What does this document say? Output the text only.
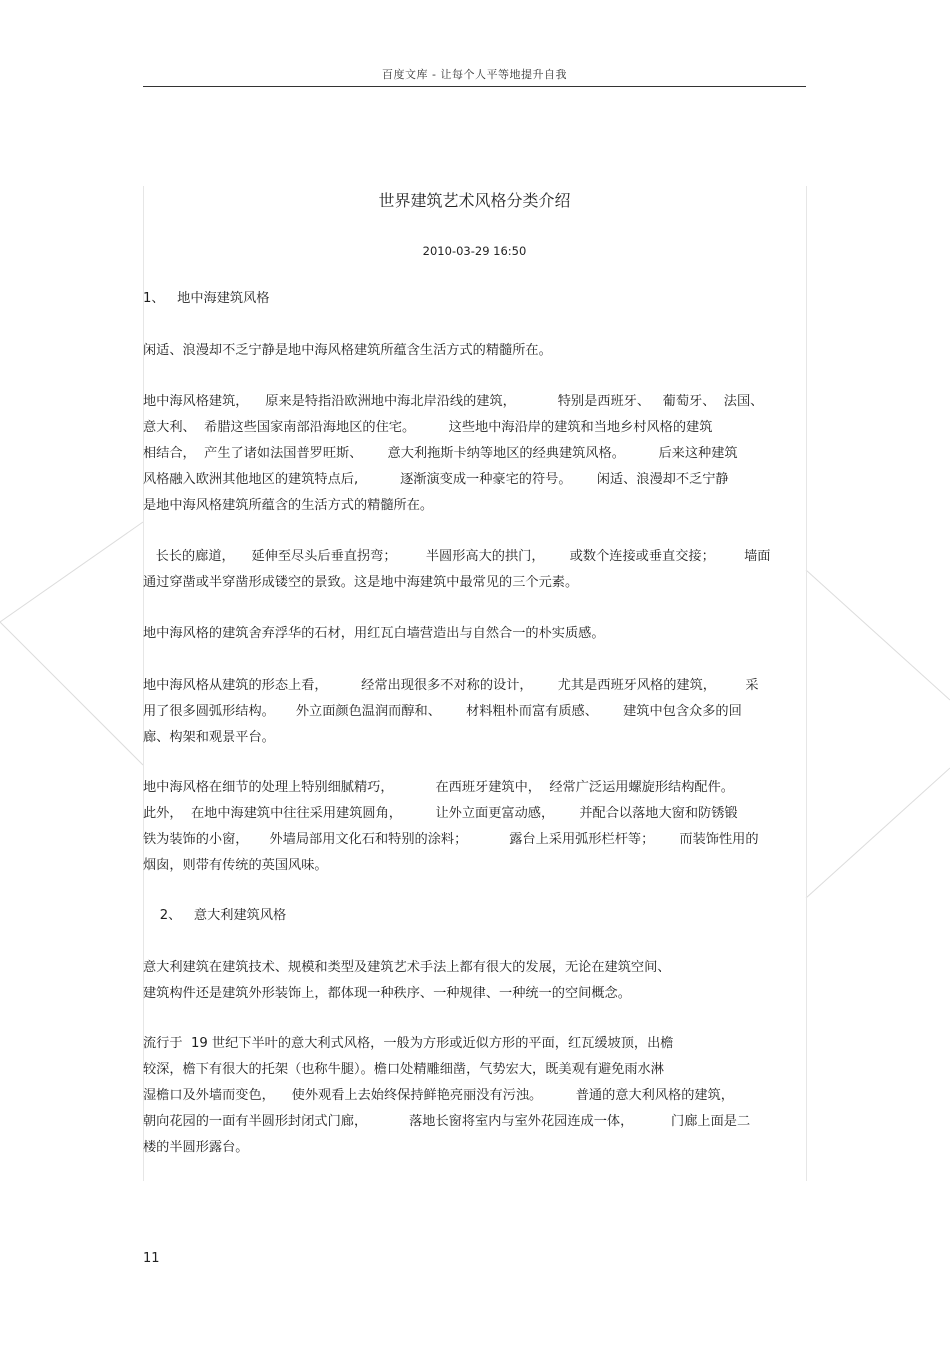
百度文库 - 让每个人平等地提升自我
世界建筑艺术风格分类介绍
2010-03-29 16:50
1、   地中海建筑风格
闲适、浪漫却不乏宁静是地中海风格建筑所蕴含生活方式的精髓所在。
地中海风格建筑，    原来是特指沿欧洲地中海北岸沿线的建筑，          特别是西班牙、   葡萄牙、  法国、
意大利、  希腊这些国家南部沿海地区的住宅。        这些地中海沿岸的建筑和当地乡村风格的建筑
相结合，  产生了诸如法国普罗旺斯、      意大利拖斯卡纳等地区的经典建筑风格。        后来这种建筑
风格融入欧洲其他地区的建筑特点后,          逐渐演变成一种豪宅的符号。      闲适、浪漫却不乏宁静
是地中海风格建筑所蕴含的生活方式的精髓所在。
长长的廊道，    延伸至尽头后垂直拐弯；       半圆形高大的拱门，      或数个连接或垂直交接；       墙面
通过穿凿或半穿凿形成镂空的景致。这是地中海建筑中最常见的三个元素。
地中海风格的建筑舍弃浮华的石材，用红瓦白墙营造出与自然合一的朴实质感。
地中海风格从建筑的形态上看，        经常出现很多不对称的设计，      尤其是西班牙风格的建筑，       采
用了很多圆弧形结构。     外立面颜色温润而醇和、      材料粗朴而富有质感、      建筑中包含众多的回
廊、构架和观景平台。
地中海风格在细节的处理上特别细腻精巧，          在西班牙建筑中，  经常广泛运用螺旋形结构配件。
此外，  在地中海建筑中往往采用建筑圆角，        让外立面更富动感，      并配合以落地大窗和防锈锻
铁为装饰的小窗，     外墙局部用文化石和特别的涂料；          露台上采用弧形栏杆等；      而装饰性用的
烟囱，则带有传统的英国风味。
2、   意大利建筑风格
意大利建筑在建筑技术、规模和类型及建筑艺术手法上都有很大的发展，无论在建筑空间、
建筑构件还是建筑外形装饰上，都体现一种秩序、一种规律、一种统一的空间概念。
流行于  19 世纪下半叶的意大利式风格，一般为方形或近似方形的平面，红瓦缓坡顶，出檐
较深，檐下有很大的托架（也称牛腿）。檐口处精雕细凿，气势宏大，既美观有避免雨水淋
湿檐口及外墙而变色，    使外观看上去始终保持鲜艳亮丽没有污浊。        普通的意大利风格的建筑，
朝向花园的一面有半圆形封闭式门廊，          落地长窗将室内与室外花园连成一体，         门廊上面是二
楼的半圆形露台。
11
